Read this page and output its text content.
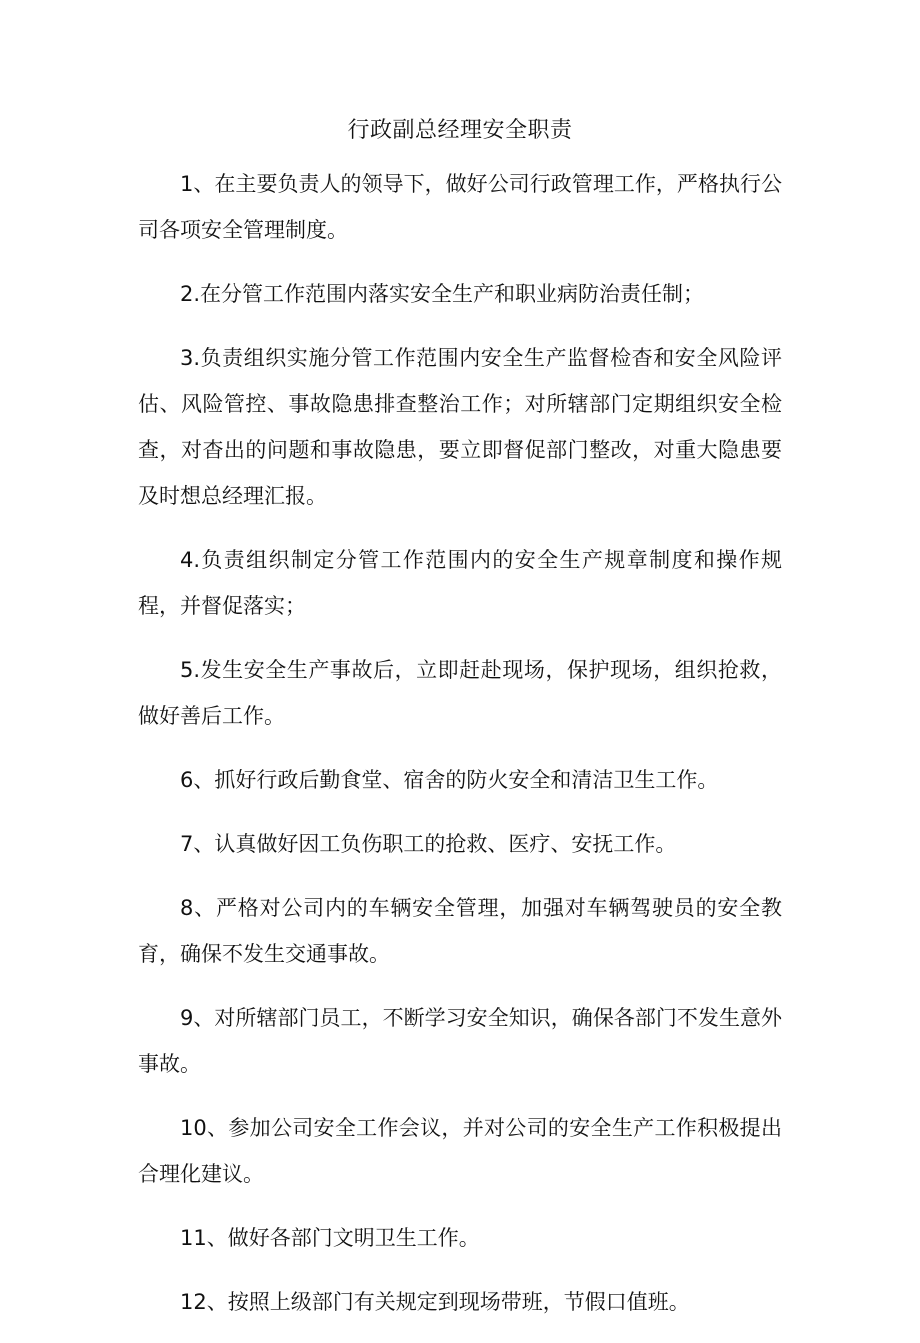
行政副总经理安全职责

1、在主要负责人的领导下，做好公司行政管理工作，严格执行公司各项安全管理制度。

2.在分管工作范围内落实安全生产和职业病防治责任制；

3.负责组织实施分管工作范围内安全生产监督检杳和安全风险评估、风险管控、事故隐患排查整治工作；对所辖部门定期组织安全检查，对杳出的问题和事故隐患，要立即督促部门整改，对重大隐患要及时想总经理汇报。

4.负责组织制定分管工作范围内的安全生产规章制度和操作规程，并督促落实；

5.发生安全生产事故后，立即赶赴现场，保护现场，组织抢救，做好善后工作。

6、抓好行政后勤食堂、宿舍的防火安全和清洁卫生工作。

7、认真做好因工负伤职工的抢救、医疗、安抚工作。

8、严格对公司内的车辆安全管理，加强对车辆驾驶员的安全教育，确保不发生交通事故。

9、对所辖部门员工，不断学习安全知识，确保各部门不发生意外事故。

10、参加公司安全工作会议，并对公司的安全生产工作积极提出合理化建议。

11、做好各部门文明卫生工作。

12、按照上级部门有关规定到现场带班，节假口值班。
